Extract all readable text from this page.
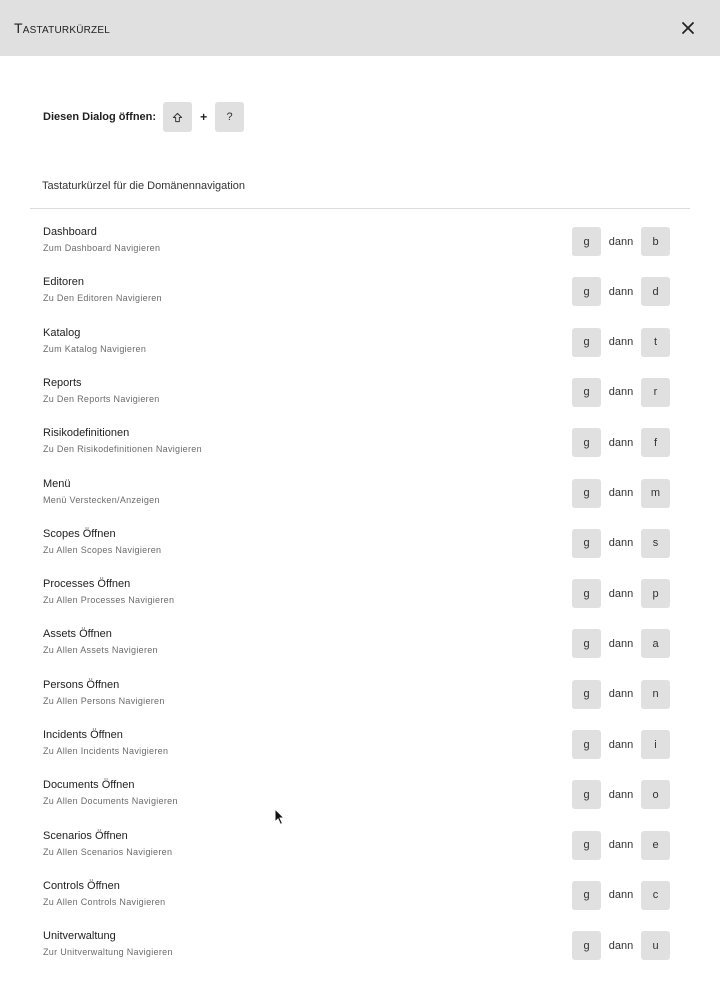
Tastaturkürzel
Diesen Dialog öffnen:	+	?
Tastaturkürzel für die Domänennavigation
Dashboard
Zum Dashboard Navigieren
g	dann	b
Editoren
Zu Den Editoren Navigieren
g	dann	d
Katalog
Zum Katalog Navigieren
g	dann	t
Reports
Zu Den Reports Navigieren
g	dann	r
Risikodefinitionen
Zu Den Risikodefinitionen Navigieren
g	dann	f
Menü
Menü Verstecken/Anzeigen
g	dann	m
Scopes Öffnen
Zu Allen Scopes Navigieren
g	dann	s
Processes Öffnen
Zu Allen Processes Navigieren
g	dann	p
Assets Öffnen
Zu Allen Assets Navigieren
g	dann	a
Persons Öffnen
Zu Allen Persons Navigieren
g	dann	n
Incidents Öffnen
Zu Allen Incidents Navigieren
g	dann	i
Documents Öffnen
Zu Allen Documents Navigieren
g	dann	o
Scenarios Öffnen
Zu Allen Scenarios Navigieren
g	dann	e
Controls Öffnen
Zu Allen Controls Navigieren
g	dann	c
Unitverwaltung
Zur Unitverwaltung Navigieren
g	dann	u
